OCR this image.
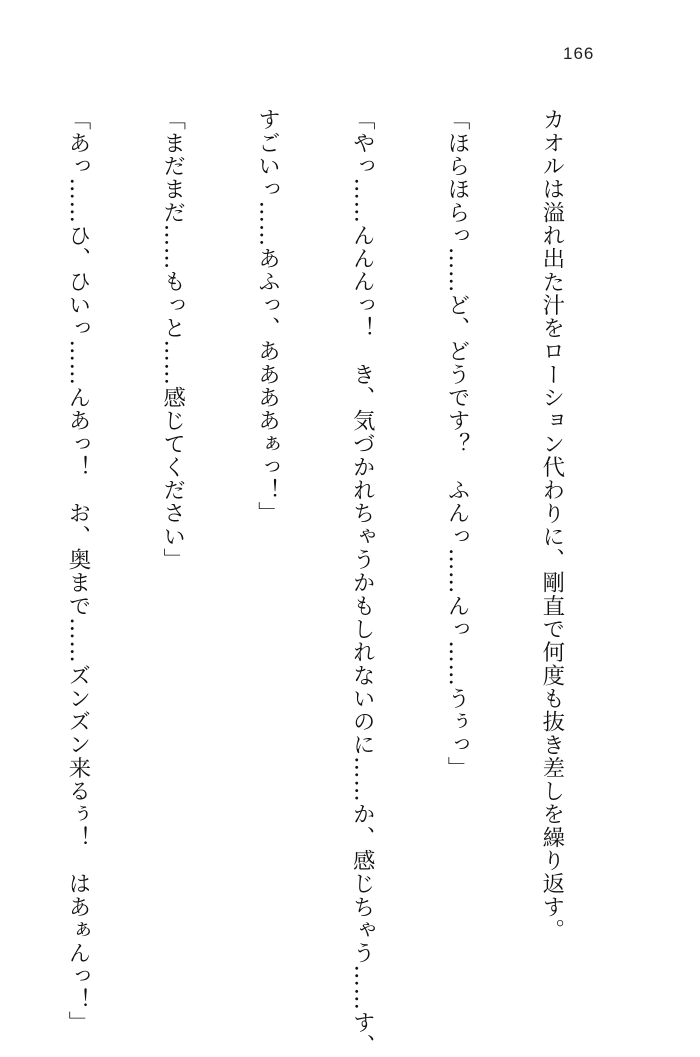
166

カオルは溢れ出た汁をローション代わりに、剛直で何度も抜き差しを繰り返す。

「ほらほらっ……ど、どうです？　ふんっ……んっ……うぅっ」

「やっ……んんんっ！　き、気づかれちゃうかもしれないのに……か、感じちゃう……す、

すごいっ……あふっ、ああああぁっ！」

「まだまだ……もっと……感じてください」

「あっ……ひ、ひいっ……んあっ！　お、奥まで……ズンズン来るぅ！　はあぁんっ！」
